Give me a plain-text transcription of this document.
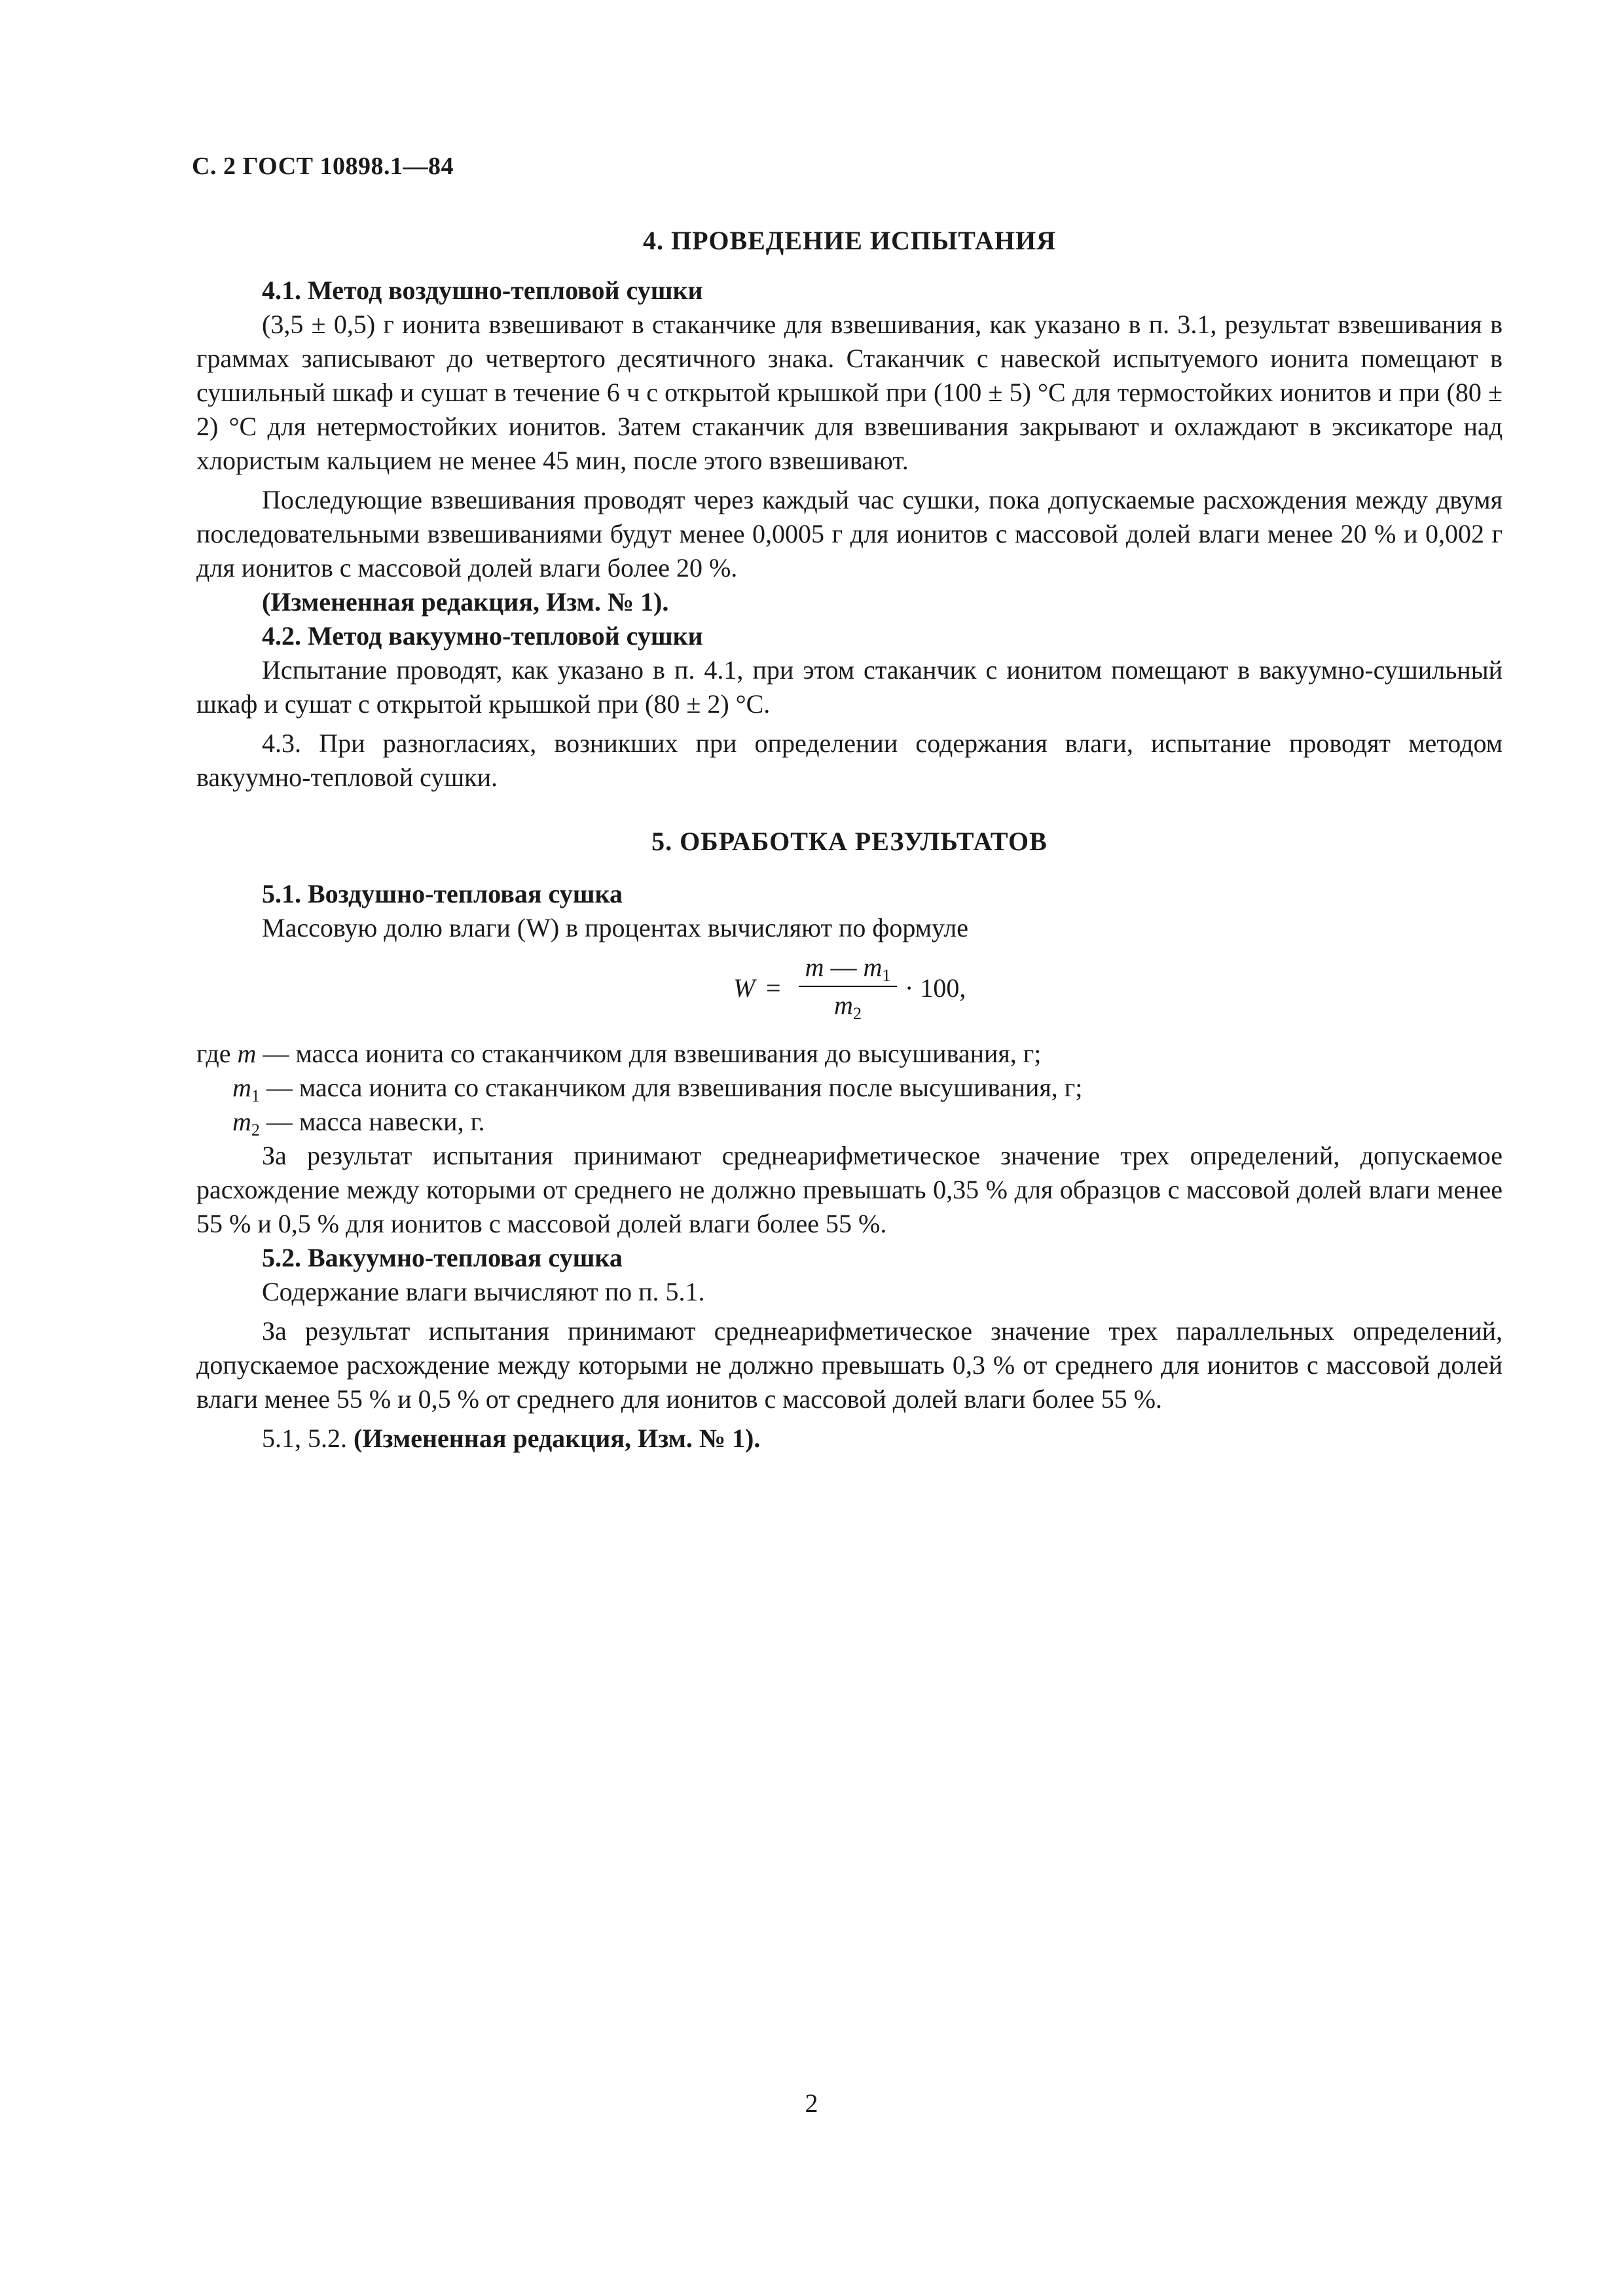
С. 2 ГОСТ 10898.1—84
4. ПРОВЕДЕНИЕ ИСПЫТАНИЯ
4.1. Метод воздушно-тепловой сушки

(3,5 ± 0,5) г ионита взвешивают в стаканчике для взвешивания, как указано в п. 3.1, результат взвешивания в граммах записывают до четвертого десятичного знака. Стаканчик с навеской испытуемого ионита помещают в сушильный шкаф и сушат в течение 6 ч с открытой крышкой при (100 ± 5) °С для термостойких ионитов и при (80 ± 2) °С для нетермостойких ионитов. Затем стаканчик для взвешивания закрывают и охлаждают в эксикаторе над хлористым кальцием не менее 45 мин, после этого взвешивают.

Последующие взвешивания проводят через каждый час сушки, пока допускаемые расхождения между двумя последовательными взвешиваниями будут менее 0,0005 г для ионитов с массовой долей влаги менее 20 % и 0,002 г для ионитов с массовой долей влаги более 20 %.

(Измененная редакция, Изм. № 1).
4.2. Метод вакуумно-тепловой сушки

Испытание проводят, как указано в п. 4.1, при этом стаканчик с ионитом помещают в вакуумно-сушильный шкаф и сушат с открытой крышкой при (80 ± 2) °С.

4.3. При разногласиях, возникших при определении содержания влаги, испытание проводят методом вакуумно-тепловой сушки.

5. ОБРАБОТКА РЕЗУЛЬТАТОВ
5.1. Воздушно-тепловая сушка

Массовую долю влаги (W) в процентах вычисляют по формуле

W =
m — $m_1$
$m_2$
· 100,
где m — масса ионита со стаканчиком для взвешивания до высушивания, г;
$m_1$ — масса ионита со стаканчиком для взвешивания после высушивания, г;
$m_2$ — масса навески, г.

За результат испытания принимают среднеарифметическое значение трех определений, допускаемое расхождение между которыми от среднего не должно превышать 0,35 % для образцов с массовой долей влаги менее 55 % и 0,5 % для ионитов с массовой долей влаги более 55 %.

5.2. Вакуумно-тепловая сушка

Содержание влаги вычисляют по п. 5.1.

За результат испытания принимают среднеарифметическое значение трех параллельных определений, допускаемое расхождение между которыми не должно превышать 0,3 % от среднего для ионитов с массовой долей влаги менее 55 % и 0,5 % от среднего для ионитов с массовой долей влаги более 55 %.

5.1, 5.2. (Измененная редакция, Изм. № 1).

2
